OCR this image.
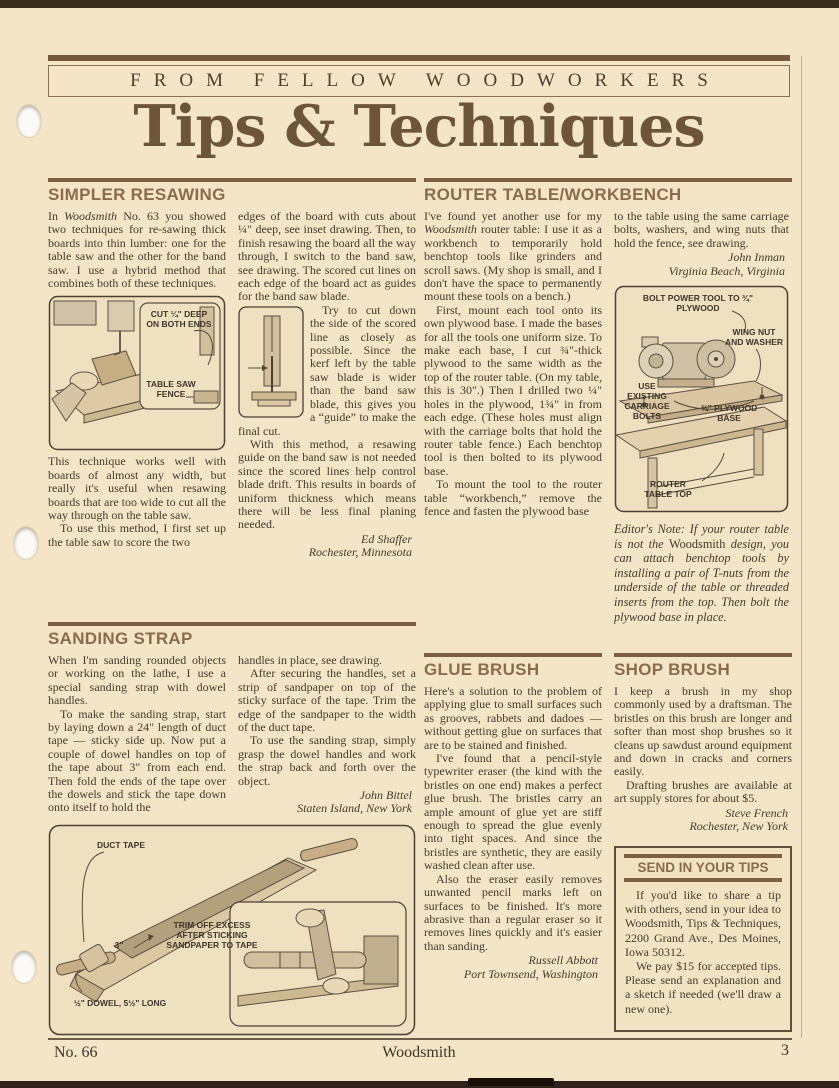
FROM FELLOW WOODWORKERS
Tips & Techniques
SIMPLER RESAWING

In Woodsmith No. 63 you showed two techniques for re-sawing thick boards into thin lumber: one for the table saw and the other for the band saw. I use a hybrid method that combines both of these techniques.

CUT ¼" DEEP ON BOTH ENDS
TABLE SAW FENCE

This technique works well with boards of almost any width, but really it's useful when resawing boards that are too wide to cut all the way through on the table saw.

To use this method, I first set up the table saw to score the two

edges of the board with cuts about ¼" deep, see inset drawing. Then, to finish resawing the board all the way through, I switch to the band saw, see drawing. The scored cut lines on each edge of the board act as guides for the band saw blade.

Try to cut down the side of the scored line as closely as possible. Since the kerf left by the table saw blade is wider than the band saw blade, this gives you a “guide” to make the final cut.

With this method, a resawing guide on the band saw is not needed since the scored lines help control blade drift. This results in boards of uniform thickness which means there will be less final planing needed.

Ed Shaffer
Rochester, Minnesota
SANDING STRAP

When I'm sanding rounded objects or working on the lathe, I use a special sanding strap with dowel handles.

To make the sanding strap, start by laying down a 24" length of duct tape — sticky side up. Now put a couple of dowel handles on top of the tape about 3" from each end. Then fold the ends of the tape over the dowels and stick the tape down onto itself to hold the

handles in place, see drawing.

After securing the handles, set a strip of sandpaper on top of the sticky surface of the tape. Trim the edge of the sandpaper to the width of the duct tape.

To use the sanding strap, simply grasp the dowel handles and work the strap back and forth over the object.

John Bittel
Staten Island, New York
DUCT TAPE
3"
TRIM OFF EXCESS AFTER STICKING SANDPAPER TO TAPE
½" DOWEL, 5½" LONG
ROUTER TABLE/WORKBENCH

I've found yet another use for my Woodsmith router table: I use it as a workbench to temporarily hold benchtop tools like grinders and scroll saws. (My shop is small, and I don't have the space to permanently mount these tools on a bench.)

First, mount each tool onto its own plywood base. I made the bases for all the tools one uniform size. To make each base, I cut ¾"-thick plywood to the same width as the top of the router table. (On my table, this is 30".) Then I drilled two ¼" holes in the plywood, 1¾" in from each edge. (These holes must align with the carriage bolts that hold the router table fence.) Each benchtop tool is then bolted to its plywood base.

To mount the tool to the router table “workbench,” remove the fence and fasten the plywood base

to the table using the same carriage bolts, washers, and wing nuts that hold the fence, see drawing.

John Inman
Virginia Beach, Virginia
BOLT POWER TOOL TO ¾" PLYWOOD
WING NUT AND WASHER
USE EXISTING CARRIAGE BOLTS
¾" PLYWOOD BASE
ROUTER TABLE TOP
Editor's Note: If your router table is not the Woodsmith design, you can attach benchtop tools by installing a pair of T-nuts from the underside of the table or threaded inserts from the top. Then bolt the plywood base in place.
GLUE BRUSH

Here's a solution to the problem of applying glue to small surfaces such as grooves, rabbets and dadoes — without getting glue on surfaces that are to be stained and finished.

I've found that a pencil-style typewriter eraser (the kind with the bristles on one end) makes a perfect glue brush. The bristles carry an ample amount of glue yet are stiff enough to spread the glue evenly into tight spaces. And since the bristles are synthetic, they are easily washed clean after use.

Also the eraser easily removes unwanted pencil marks left on surfaces to be finished. It's more abrasive than a regular eraser so it removes lines quickly and it's easier than sanding.

Russell Abbott
Port Townsend, Washington
SHOP BRUSH

I keep a brush in my shop commonly used by a draftsman. The bristles on this brush are longer and softer than most shop brushes so it cleans up sawdust around equipment and down in cracks and corners easily.

Drafting brushes are available at art supply stores for about $5.

Steve French
Rochester, New York
SEND IN YOUR TIPS

If you'd like to share a tip with others, send in your idea to Woodsmith, Tips & Techniques, 2200 Grand Ave., Des Moines, Iowa 50312.

We pay $15 for accepted tips. Please send an explanation and a sketch if needed (we'll draw a new one).

Woodsmith
No. 66	3
